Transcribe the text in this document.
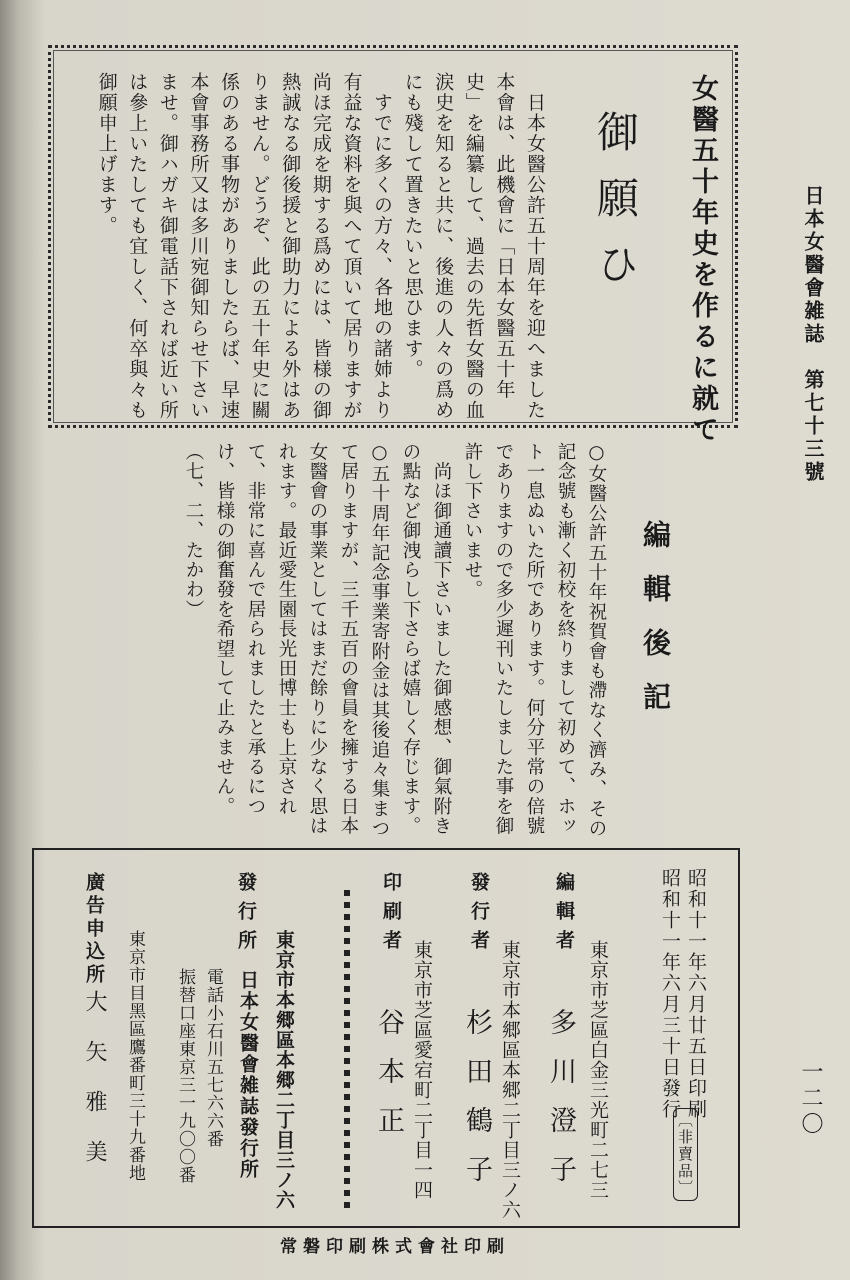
日本女醫會雑誌　第七十三號
一二〇
女醫五十年史を作るに就て
御願ひ
　日本女醫公許五十周年を迎へました本會は、此機會に「日本女醫五十年史」を編纂して、過去の先哲女醫の血涙史を知ると共に、後進の人々の爲めにも殘して置きたいと思ひます。
　すでに多くの方々、各地の諸姉より有益な資料を與へて頂いて居りますが尚ほ完成を期する爲めには、皆様の御熱誠なる御後援と御助力による外はありません。どうぞ、此の五十年史に關係のある事物がありましたらば、早速本會事務所又は多川宛御知らせ下さいませ。御ハガキ御電話下されば近い所は參上いたしても宜しく、何卒與々も御願申上げます。
編輯後記
○女醫公許五十年祝賀會も滯なく濟み、その記念號も漸く初校を終りまして初めて、ホット一息ぬいた所であります。何分平常の倍號でありますので多少遲刊いたしました事を御許し下さいませ。
　尚ほ御通讀下さいました御感想、御氣附きの點など御洩らし下さらば嬉しく存じます。
○五十周年記念事業寄附金は其後追々集まつて居りますが、三千五百の會員を擁する日本女醫會の事業としてはまだ餘りに少なく思はれます。最近愛生園長光田博士も上京されて、非常に喜んで居られましたと承るにつけ、皆様の御奮發を希望して止みません。（七、二、たかわ）
昭和十一年六月廿五日印刷
昭和十一年六月三十日發行
〔非賣品〕
編輯者
東京市芝區白金三光町二七三
多川澄子
發行者
東京市本郷區本郷二丁目三ノ六
杉田鶴子
印刷者
東京市芝區愛宕町二丁目一四
谷本正
發行所
東京市本郷區本郷二丁目三ノ六
日本女醫會雑誌發行所
電話小石川五七六六番
振替口座東京三一九〇〇番
廣告申込所
東京市目黑區鷹番町三十九番地
大矢雅美
常磐印刷株式會社印刷
